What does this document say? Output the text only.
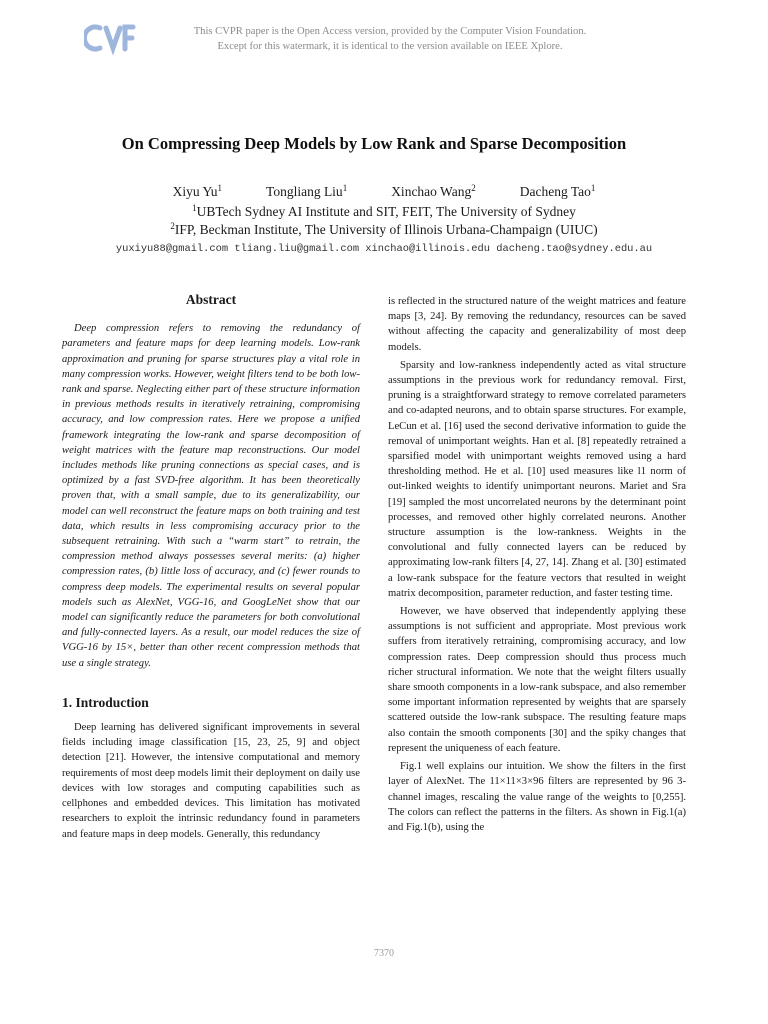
This CVPR paper is the Open Access version, provided by the Computer Vision Foundation.
Except for this watermark, it is identical to the version available on IEEE Xplore.
On Compressing Deep Models by Low Rank and Sparse Decomposition
Xiyu Yu$^1$	Tongliang Liu$^1$	Xinchao Wang$^2$	Dacheng Tao$^1$
$^1$UBTech Sydney AI Institute and SIT, FEIT, The University of Sydney
$^2$IFP, Beckman Institute, The University of Illinois Urbana-Champaign (UIUC)
yuxiyu88@gmail.com tliang.liu@gmail.com xinchao@illinois.edu dacheng.tao@sydney.edu.au
Abstract

Deep compression refers to removing the redundancy of parameters and feature maps for deep learning models. Low-rank approximation and pruning for sparse structures play a vital role in many compression works. However, weight filters tend to be both low-rank and sparse. Neglecting either part of these structure information in previous methods results in iteratively retraining, compromising accuracy, and low compression rates. Here we propose a unified framework integrating the low-rank and sparse decomposition of weight matrices with the feature map reconstructions. Our model includes methods like pruning connections as special cases, and is optimized by a fast SVD-free algorithm. It has been theoretically proven that, with a small sample, due to its generalizability, our model can well reconstruct the feature maps on both training and test data, which results in less compromising accuracy prior to the subsequent retraining. With such a “warm start” to retrain, the compression method always possesses several merits: (a) higher compression rates, (b) little loss of accuracy, and (c) fewer rounds to compress deep models. The experimental results on several popular models such as AlexNet, VGG-16, and GoogLeNet show that our model can significantly reduce the parameters for both convolutional and fully-connected layers. As a result, our model reduces the size of VGG-16 by 15×, better than other recent compression methods that use a single strategy.

1. Introduction

Deep learning has delivered significant improvements in several fields including image classification [15, 23, 25, 9] and object detection [21]. However, the intensive computational and memory requirements of most deep models limit their deployment on daily use devices with low storages and computing capabilities such as cellphones and embedded devices. This limitation has motivated researchers to exploit the intrinsic redundancy found in parameters and feature maps in deep models. Generally, this redundancy

is reflected in the structured nature of the weight matrices and feature maps [3, 24]. By removing the redundancy, resources can be saved without affecting the capacity and generalizability of most deep models.

Sparsity and low-rankness independently acted as vital structure assumptions in the previous work for redundancy removal. First, pruning is a straightforward strategy to remove correlated parameters and co-adapted neurons, and to obtain sparse structures. For example, LeCun et al. [16] used the second derivative information to guide the removal of unimportant weights. Han et al. [8] repeatedly retrained a sparsified model with unimportant weights removed using a hard thresholding method. He et al. [10] used measures like l1 norm of out-linked weights to identify unimportant neurons. Mariet and Sra [19] sampled the most uncorrelated neurons by the determinant point processes, and removed other highly correlated neurons. Another structure assumption is the low-rankness. Weights in the convolutional and fully connected layers can be reduced by approximating low-rank filters [4, 27, 14]. Zhang et al. [30] estimated a low-rank subspace for the feature vectors that resulted in weight matrix decomposition, parameter reduction, and faster testing time.

However, we have observed that independently applying these assumptions is not sufficient and appropriate. Most previous work suffers from iteratively retraining, compromising accuracy, and low compression rates. Deep compression should thus process much richer structural information. We note that the weight filters usually share smooth components in a low-rank subspace, and also remember some important information represented by weights that are sparsely scattered outside the low-rank subspace. The resulting feature maps also contain the smooth components [30] and the spiky changes that represent the uniqueness of each feature.

Fig.1 well explains our intuition. We show the filters in the first layer of AlexNet. The 11×11×3×96 filters are represented by 96 3-channel images, rescaling the value range of the weights to [0,255]. The colors can reflect the patterns in the filters. As shown in Fig.1(a) and Fig.1(b), using the

7370
